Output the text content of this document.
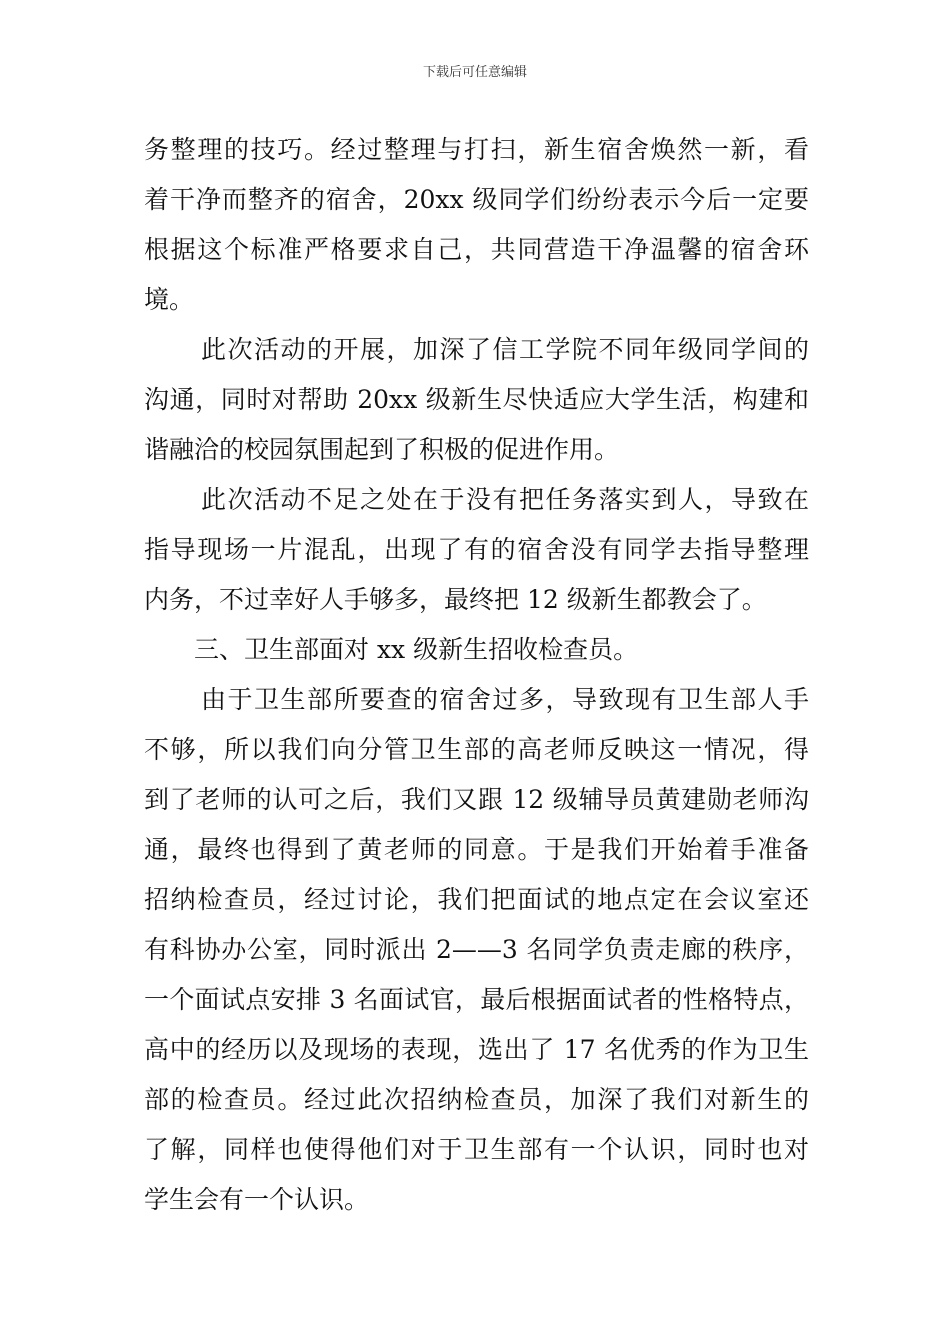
下载后可任意编辑
务整理的技巧。经过整理与打扫，新生宿舍焕然一新，看
着干净而整齐的宿舍，20xx 级同学们纷纷表示今后一定要
根据这个标准严格要求自己，共同营造干净温馨的宿舍环
境。
此次活动的开展，加深了信工学院不同年级同学间的
沟通，同时对帮助 20xx 级新生尽快适应大学生活，构建和
谐融洽的校园氛围起到了积极的促进作用。
此次活动不足之处在于没有把任务落实到人，导致在
指导现场一片混乱，出现了有的宿舍没有同学去指导整理
内务，不过幸好人手够多，最终把 12 级新生都教会了。
三、卫生部面对 xx 级新生招收检查员。
由于卫生部所要查的宿舍过多，导致现有卫生部人手
不够，所以我们向分管卫生部的高老师反映这一情况，得
到了老师的认可之后，我们又跟 12 级辅导员黄建勋老师沟
通，最终也得到了黄老师的同意。于是我们开始着手准备
招纳检查员，经过讨论，我们把面试的地点定在会议室还
有科协办公室，同时派出 2——3 名同学负责走廊的秩序，
一个面试点安排 3 名面试官，最后根据面试者的性格特点，
高中的经历以及现场的表现，选出了 17 名优秀的作为卫生
部的检查员。经过此次招纳检查员，加深了我们对新生的
了解，同样也使得他们对于卫生部有一个认识，同时也对
学生会有一个认识。
